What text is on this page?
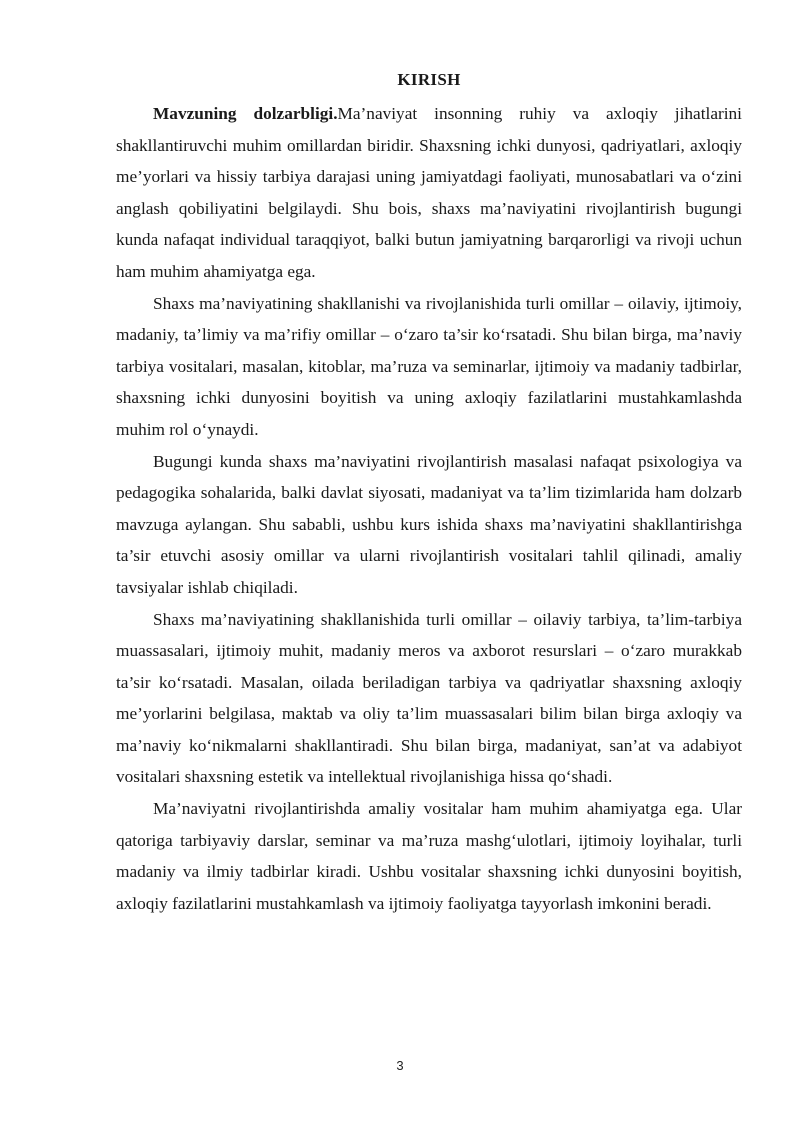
KIRISH

Mavzuning dolzarbligi.Ma’naviyat insonning ruhiy va axloqiy jihatlarini shakllantiruvchi muhim omillardan biridir. Shaxsning ichki dunyosi, qadriyatlari, axloqiy me’yorlari va hissiy tarbiya darajasi uning jamiyatdagi faoliyati, munosabatlari va o‘zini anglash qobiliyatini belgilaydi. Shu bois, shaxs ma’naviyatini rivojlantirish bugungi kunda nafaqat individual taraqqiyot, balki butun jamiyatning barqarorligi va rivoji uchun ham muhim ahamiyatga ega.

Shaxs ma’naviyatining shakllanishi va rivojlanishida turli omillar – oilaviy, ijtimoiy, madaniy, ta’limiy va ma’rifiy omillar – o‘zaro ta’sir ko‘rsatadi. Shu bilan birga, ma’naviy tarbiya vositalari, masalan, kitoblar, ma’ruza va seminarlar, ijtimoiy va madaniy tadbirlar, shaxsning ichki dunyosini boyitish va uning axloqiy fazilatlarini mustahkamlashda muhim rol o‘ynaydi.

Bugungi kunda shaxs ma’naviyatini rivojlantirish masalasi nafaqat psixologiya va pedagogika sohalarida, balki davlat siyosati, madaniyat va ta’lim tizimlarida ham dolzarb mavzuga aylangan. Shu sababli, ushbu kurs ishida shaxs ma’naviyatini shakllantirishga ta’sir etuvchi asosiy omillar va ularni rivojlantirish vositalari tahlil qilinadi, amaliy tavsiyalar ishlab chiqiladi.

Shaxs ma’naviyatining shakllanishida turli omillar – oilaviy tarbiya, ta’lim-tarbiya muassasalari, ijtimoiy muhit, madaniy meros va axborot resurslari – o‘zaro murakkab ta’sir ko‘rsatadi. Masalan, oilada beriladigan tarbiya va qadriyatlar shaxsning axloqiy me’yorlarini belgilasa, maktab va oliy ta’lim muassasalari bilim bilan birga axloqiy va ma’naviy ko‘nikmalarni shakllantiradi. Shu bilan birga, madaniyat, san’at va adabiyot vositalari shaxsning estetik va intellektual rivojlanishiga hissa qo‘shadi.

Ma’naviyatni rivojlantirishda amaliy vositalar ham muhim ahamiyatga ega. Ular qatoriga tarbiyaviy darslar, seminar va ma’ruza mashg‘ulotlari, ijtimoiy loyihalar, turli madaniy va ilmiy tadbirlar kiradi. Ushbu vositalar shaxsning ichki dunyosini boyitish, axloqiy fazilatlarini mustahkamlash va ijtimoiy faoliyatga tayyorlash imkonini beradi.

3
